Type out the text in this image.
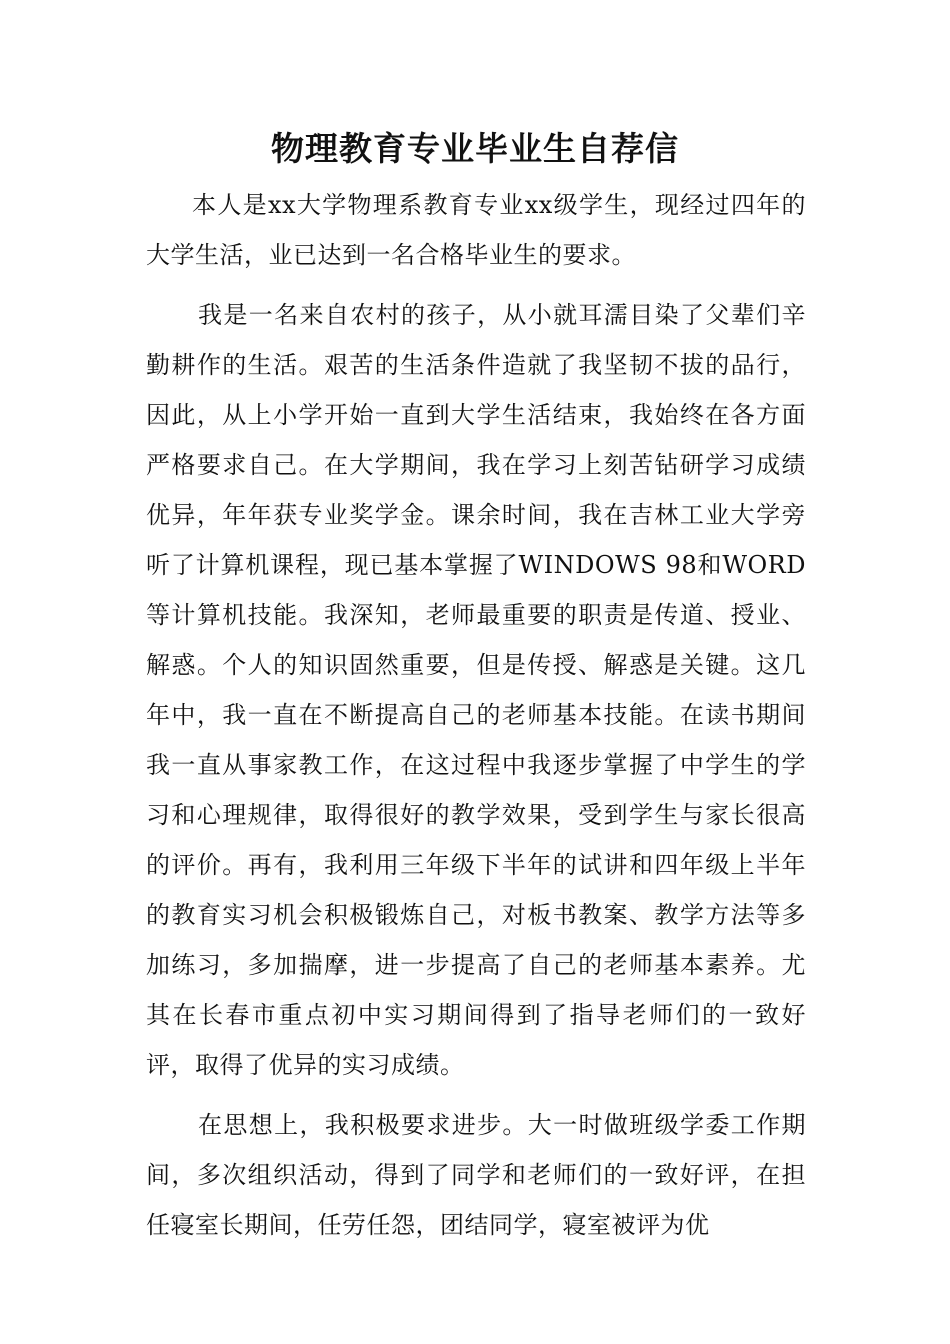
物理教育专业毕业生自荐信

本人是xx大学物理系教育专业xx级学生，现经过四年的大学生活，业已达到一名合格毕业生的要求。

我是一名来自农村的孩子，从小就耳濡目染了父辈们辛勤耕作的生活。艰苦的生活条件造就了我坚韧不拔的品行，因此，从上小学开始一直到大学生活结束，我始终在各方面严格要求自己。在大学期间，我在学习上刻苦钻研学习成绩优异，年年获专业奖学金。课余时间，我在吉林工业大学旁听了计算机课程，现已基本掌握了WINDOWS 98和WORD等计算机技能。我深知，老师最重要的职责是传道、授业、解惑。个人的知识固然重要，但是传授、解惑是关键。这几年中，我一直在不断提高自己的老师基本技能。在读书期间我一直从事家教工作，在这过程中我逐步掌握了中学生的学习和心理规律，取得很好的教学效果，受到学生与家长很高的评价。再有，我利用三年级下半年的试讲和四年级上半年的教育实习机会积极锻炼自己，对板书教案、教学方法等多加练习，多加揣摩，进一步提高了自己的老师基本素养。尤其在长春市重点初中实习期间得到了指导老师们的一致好评，取得了优异的实习成绩。

在思想上，我积极要求进步。大一时做班级学委工作期间，多次组织活动，得到了同学和老师们的一致好评，在担任寝室长期间，任劳任怨，团结同学，寝室被评为优
